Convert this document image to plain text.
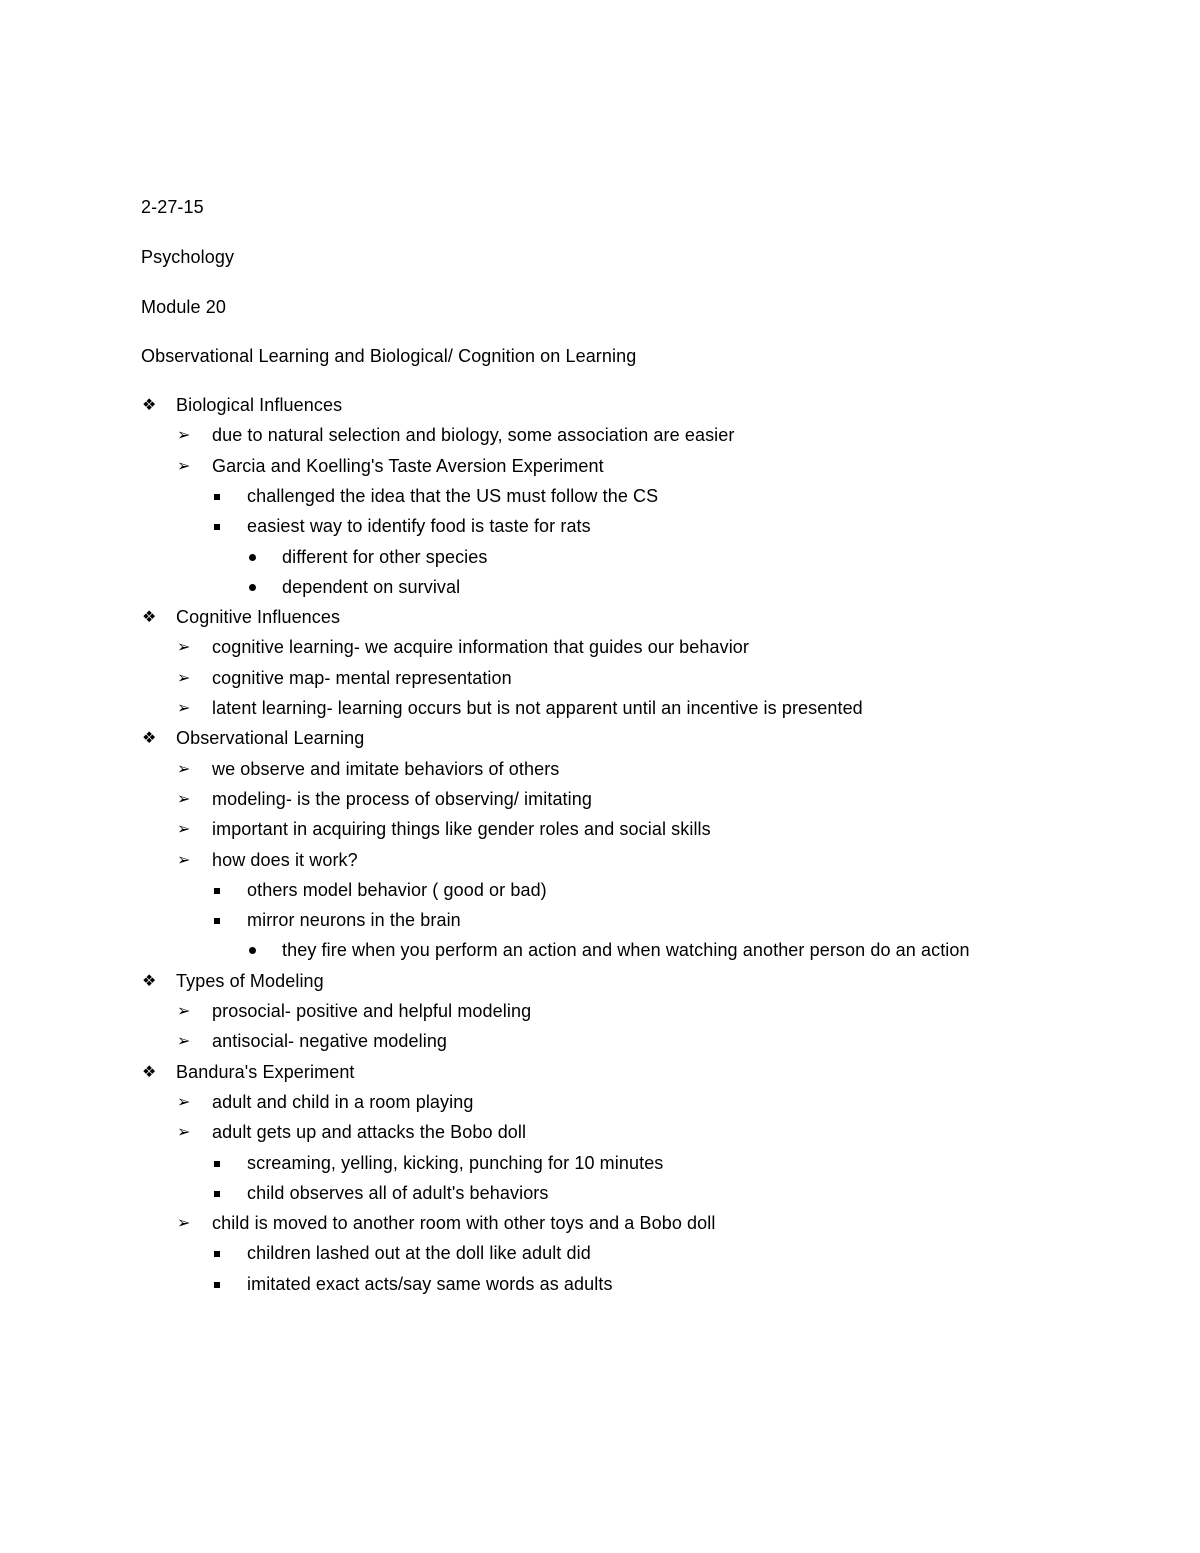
2-27-15
Psychology
Module 20
Observational Learning and Biological/ Cognition on Learning
❖ Biological Influences
➢ due to natural selection and biology, some association are easier
➢ Garcia and Koelling's Taste Aversion Experiment
challenged the idea that the US must follow the CS
easiest way to identify food is taste for rats
different for other species
dependent on survival
❖ Cognitive Influences
➢ cognitive learning- we acquire information that guides our behavior
➢ cognitive map- mental representation
➢ latent learning- learning occurs but is not apparent until an incentive is presented
❖ Observational Learning
➢ we observe and imitate behaviors of others
➢ modeling- is the process of observing/ imitating
➢ important in acquiring things like gender roles and social skills
➢ how does it work?
others model behavior ( good or bad)
mirror neurons in the brain
they fire when you perform an action and when watching another person do an action
❖ Types of Modeling
➢ prosocial- positive and helpful modeling
➢ antisocial- negative modeling
❖ Bandura's Experiment
➢ adult and child in a room playing
➢ adult gets up and attacks the Bobo doll
screaming, yelling, kicking, punching for 10 minutes
child observes all of adult's behaviors
➢ child is moved to another room with other toys and a Bobo doll
children lashed out at the doll like adult did
imitated exact acts/say same words as adults
